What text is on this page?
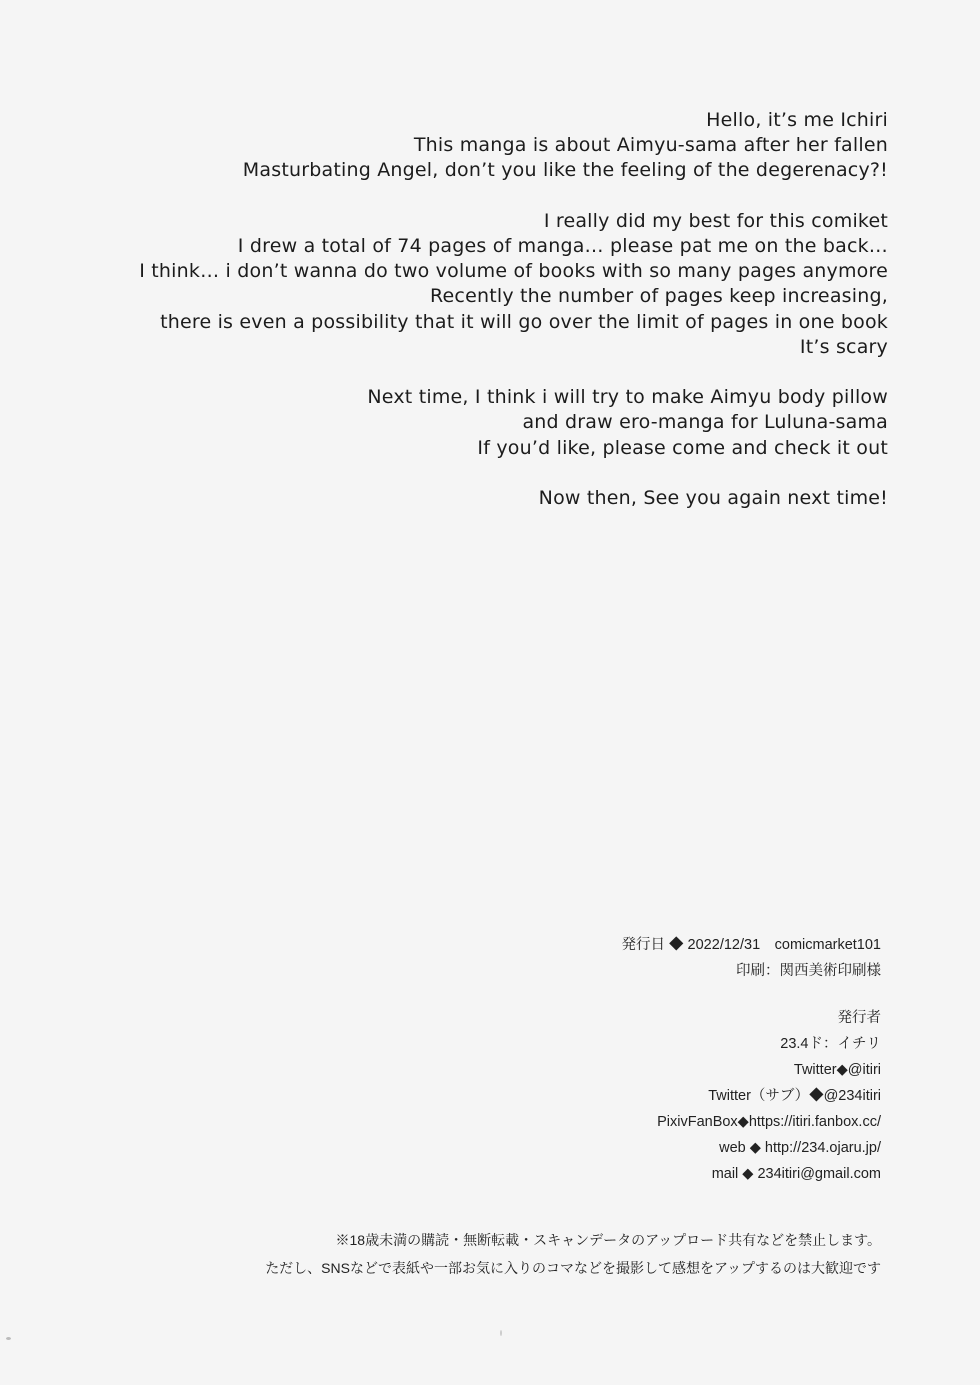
Hello, it’s me Ichiri
This manga is about Aimyu-sama after her fallen
Masturbating Angel, don’t you like the feeling of the degerenacy?!
I really did my best for this comiket
I drew a total of 74 pages of manga… please pat me on the back…
I think… i don’t wanna do two volume of books with so many pages anymore
Recently the number of pages keep increasing,
there is even a possibility that it will go over the limit of pages in one book
It’s scary
Next time, I think i will try to make Aimyu body pillow
and draw ero-manga for Luluna-sama
If you’d like, please come and check it out
Now then, See you again next time!
発行日 ◆ 2022/12/31　comicmarket101
印刷：関西美術印刷様
発行者
23.4ド：イチリ
Twitter◆@itiri
Twitter（サブ）◆@234itiri
PixivFanBox◆https://itiri.fanbox.cc/
web ◆ http://234.ojaru.jp/
mail ◆ 234itiri@gmail.com
※18歳未満の購読・無断転載・スキャンデータのアップロード共有などを禁止します。
ただし、SNSなどで表紙や一部お気に入りのコマなどを撮影して感想をアップするのは大歓迎です
